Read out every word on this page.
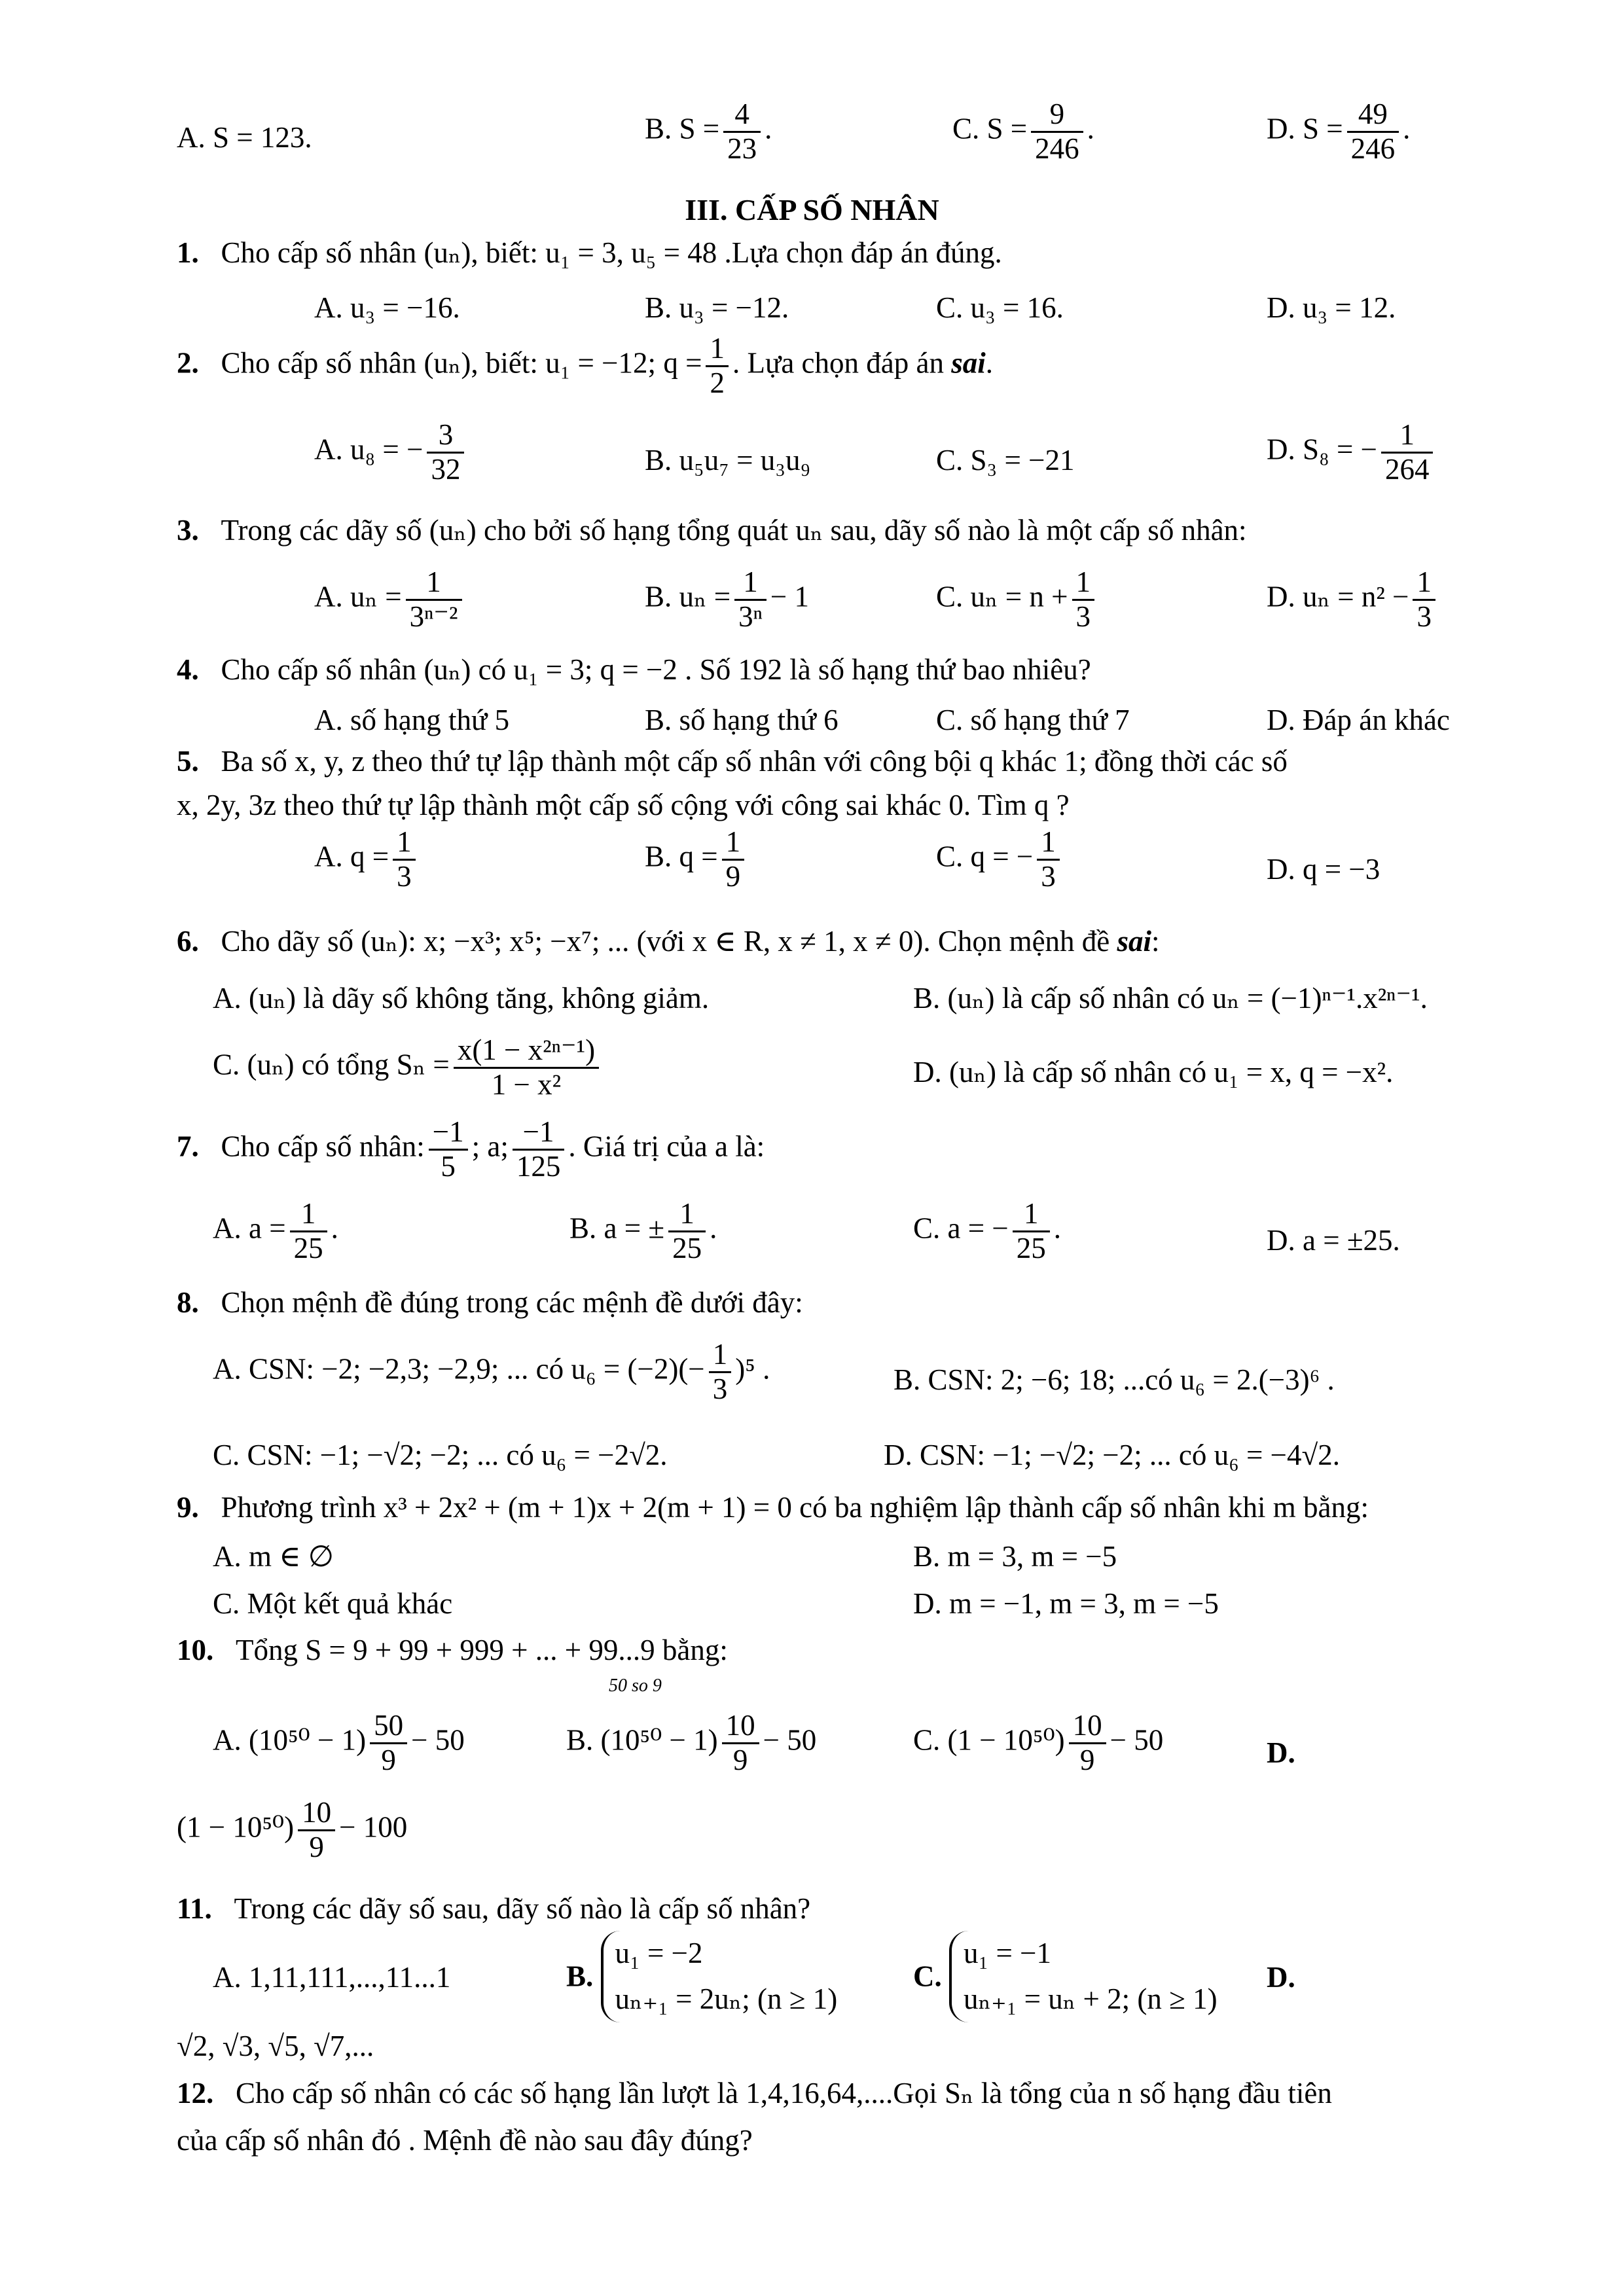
A. S = 123.	B. $S = \frac{4}{23}$ .	C. $S = \frac{9}{246}$ .	D. $S = \frac{49}{246}$ .
III. CẤP SỐ NHÂN
1. Cho cấp số nhân (uₙ), biết: u₁ = 3, u₅ = 48 .Lựa chọn đáp án đúng.
A. u₃ = −16.	B. u₃ = −12.	C. u₃ = 16.	D. u₃ = 12.
2. Cho cấp số nhân (uₙ), biết: u₁ = −12; $q = \frac{1}{2}$ . Lựa chọn đáp án sai.
A. u₈ = − $\frac{3}{32}$	B. u₅u₇ = u₃u₉	C. S₃ = −21	D. S₈ = − $\frac{1}{264}$
3. Trong các dãy số (uₙ) cho bởi số hạng tổng quát uₙ sau, dãy số nào là một cấp số nhân:
A. $u_n = \frac{1}{\text{3ⁿ⁻²}}$	B. $u_n = \frac{1}{\text{3ⁿ}} - 1$	C. $u_n = n + \frac{1}{3}$	D. $u_n = n^2 - \frac{1}{3}$
4. Cho cấp số nhân (uₙ) có u₁ = 3; q = −2 . Số 192 là số hạng thứ bao nhiêu?
A. số hạng thứ 5	B. số hạng thứ 6	C. số hạng thứ 7	D. Đáp án khác
5. Ba số x, y, z theo thứ tự lập thành một cấp số nhân với công bội q khác 1; đồng thời các số
x, 2y, 3z theo thứ tự lập thành một cấp số cộng với công sai khác 0. Tìm q ?
A. $q = \frac{1}{3}$	B. $q = \frac{1}{9}$	C. q = − $\frac{1}{3}$	D. q = −3
6. Cho dãy số (uₙ): x; −x³; x⁵; −x⁷; ... (với x ∈ R, x ≠ 1, x ≠ 0). Chọn mệnh đề sai:
A. (uₙ) là dãy số không tăng, không giảm.	B. (uₙ) là cấp số nhân có uₙ = (−1)ⁿ⁻¹.x²ⁿ⁻¹.
C. (uₙ) có tổng $S_n = \frac{\text{x(1 − x²ⁿ⁻¹)}}{\text{1 − x²}}$	D. (uₙ) là cấp số nhân có u₁ = x, q = −x².
7. Cho cấp số nhân: $\frac{-1}{5}$ ; a; $\frac{-1}{125}$ . Giá trị của a là:
A. $a = \frac{1}{25}$ .	B. a = ± $\frac{1}{25}$ .	C. a = − $\frac{1}{25}$ .	D. a = ±25.
8. Chọn mệnh đề đúng trong các mệnh đề dưới đây:
A. CSN: −2; −2,3; −2,9; ... có $u_6 = (-2)(- \frac{1}{3} )^5$ .	B. CSN: 2; −6; 18; ...có u₆ = 2.(−3)⁶ .
C. CSN: −1; −√2; −2; ... có u₆ = −2√2.	D. CSN: −1; −√2; −2; ... có u₆ = −4√2.
9. Phương trình x³ + 2x² + (m + 1)x + 2(m + 1) = 0 có ba nghiệm lập thành cấp số nhân khi m bằng:
A. m ∈ ∅	B. m = 3, m = −5
C. Một kết quả khác	D. m = −1, m = 3, m = −5
10. Tổng S = 9 + 99 + 999 + ... + 99...9 bằng:
50 so 9
A. $(10^{50} - 1) \frac{50}{9} - 50$	B. $(10^{50} - 1) \frac{10}{9} - 50$	C. $(1 - 10^{50}) \frac{10}{9} - 50$	D.
$(1 - 10^{50}) \frac{10}{9} - 100$
11. Trong các dãy số sau, dãy số nào là cấp số nhân?
A. 1,11,111,...,11...1	B.
u₁ = −2
uₙ₊₁ = 2uₙ; (n ≥ 1)
C.
u₁ = −1
uₙ₊₁ = uₙ + 2; (n ≥ 1)
D.
√2, √3, √5, √7,...
12. Cho cấp số nhân có các số hạng lần lượt là 1,4,16,64,....Gọi Sₙ là tổng của n số hạng đầu tiên
của cấp số nhân đó . Mệnh đề nào sau đây đúng?
